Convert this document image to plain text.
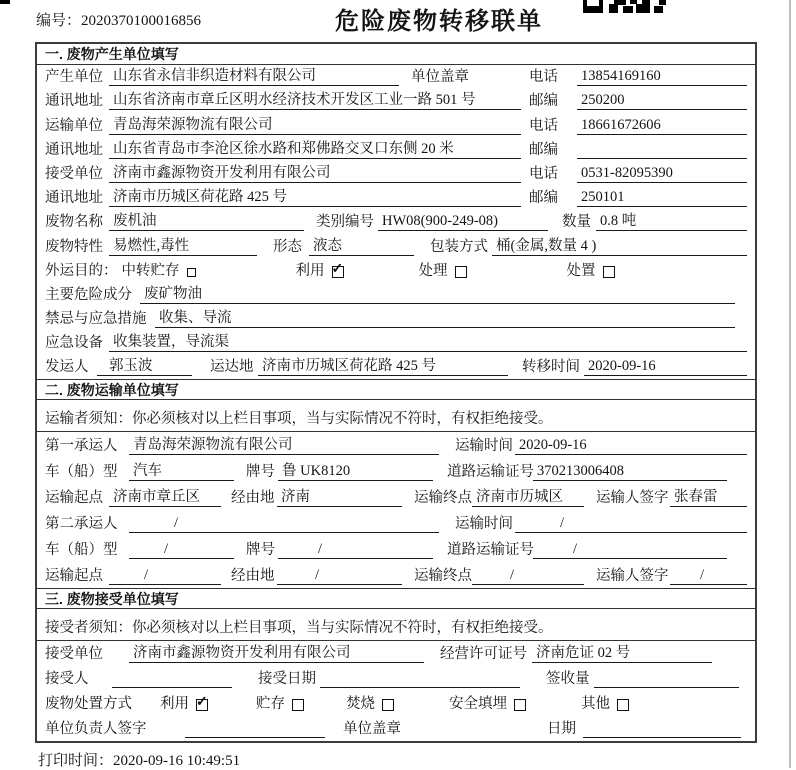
编号：2020370100016856	危险废物转移联单
一. 废物产生单位填写
产生单位 山东省永信非织造材料有限公司	单位盖章	电话	13854169160
通讯地址 山东省济南市章丘区明水经济技术开发区工业一路 501 号	邮编	250200
运输单位 青岛海荣源物流有限公司	电话	18661672606
通讯地址 山东省青岛市李沧区徐水路和郑佛路交叉口东侧 20 米	邮编
接受单位 济南市鑫源物资开发利用有限公司	电话	0531-82095390
通讯地址 济南市历城区荷花路 425 号	邮编	250101
废物名称 废机油	类别编号 HW08(900-249-08)	数量 0.8 吨
废物特性 易燃性,毒性	形态 液态	包装方式 桶(金属,数量 4 )
外运目的： 中转贮存	利用 ✓	处理	处置
主要危险成分 废矿物油
禁忌与应急措施 收集、导流
应急设备 收集装置，导流渠
发运人	郭玉波	运达地 济南市历城区荷花路 425 号	转移时间 2020-09-16
二. 废物运输单位填写
运输者须知：你必须核对以上栏目事项，当与实际情况不符时，有权拒绝接受。
第一承运人	青岛海荣源物流有限公司	运输时间 2020-09-16
车（船）型	汽车	牌号 鲁 UK8120	道路运输证号 370213006408
运输起点 济南市章丘区	经由地 济南	运输终点 济南市历城区	运输人签字 张春雷
第二承运人	/	运输时间	/
车（船）型	/	牌号	/	道路运输证号	/
运输起点	/	经由地	/	运输终点	/	运输人签字	/
三. 废物接受单位填写
接受者须知：你必须核对以上栏目事项，当与实际情况不符时，有权拒绝接受。
接受单位	济南市鑫源物资开发利用有限公司	经营许可证号 济南危证 02 号
接受人	接受日期	签收量
废物处置方式 利用 ✓	贮存	焚烧	安全填埋	其他
单位负责人签字	单位盖章	日期
打印时间：2020-09-16 10:49:51
